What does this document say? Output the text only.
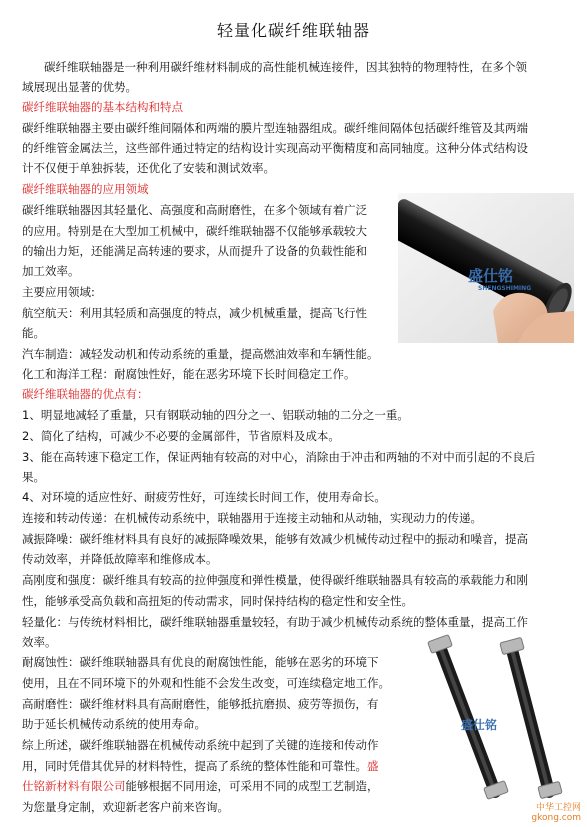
轻量化碳纤维联轴器

碳纤维联轴器是一种利用碳纤维材料制成的高性能机械连接件，因其独特的物理特性，在多个领

域展现出显著的优势。

碳纤维联轴器的基本结构和特点

碳纤维联轴器主要由碳纤维间隔体和两端的膜片型连轴器组成。碳纤维间隔体包括碳纤维管及其两端

的纤维管金属法兰，这些部件通过特定的结构设计实现高动平衡精度和高同轴度。这种分体式结构设

计不仅便于单独拆装，还优化了安装和测试效率。

碳纤维联轴器的应用领域

碳纤维联轴器因其轻量化、高强度和高耐磨性，在多个领域有着广泛

的应用。特别是在大型加工机械中，碳纤维联轴器不仅能够承载较大

的输出力矩，还能满足高转速的要求，从而提升了设备的负载性能和

加工效率。

主要应用领域:

航空航天：利用其轻质和高强度的特点，减少机械重量，提高飞行性

能。

汽车制造：减轻发动机和传动系统的重量，提高燃油效率和车辆性能。

化工和海洋工程：耐腐蚀性好，能在恶劣环境下长时间稳定工作。

碳纤维联轴器的优点有：

1、明显地减轻了重量，只有钢联动轴的四分之一、铝联动轴的二分之一重。

2、简化了结构，可减少不必要的金属部件，节省原料及成本。

3、能在高转速下稳定工作，保证两轴有较高的对中心，消除由于冲击和两轴的不对中而引起的不良后

果。

4、对环境的适应性好、耐疲劳性好，可连续长时间工作，使用寿命长。

连接和转动传递：在机械传动系统中，联轴器用于连接主动轴和从动轴，实现动力的传递。

减振降噪：碳纤维材料具有良好的减振降噪效果，能够有效减少机械传动过程中的振动和噪音，提高

传动效率，并降低故障率和维修成本。

高刚度和强度：碳纤维具有较高的拉伸强度和弹性模量，使得碳纤维联轴器具有较高的承载能力和刚

性，能够承受高负载和高扭矩的传动需求，同时保持结构的稳定性和安全性。

轻量化：与传统材料相比，碳纤维联轴器重量较轻，有助于减少机械传动系统的整体重量，提高工作

效率。

耐腐蚀性：碳纤维联轴器具有优良的耐腐蚀性能，能够在恶劣的环境下

使用，且在不同环境下的外观和性能不会发生改变，可连续稳定地工作。

高耐磨性：碳纤维材料具有高耐磨性，能够抵抗磨损、疲劳等损伤，有

助于延长机械传动系统的使用寿命。

综上所述，碳纤维联轴器在机械传动系统中起到了关键的连接和传动作

用，同时凭借其优异的材料特性，提高了系统的整体性能和可靠性。盛

仕铭新材料有限公司能够根据不同用途，可采用不同的成型工艺制造，

为您量身定制，欢迎新老客户前来咨询。

盛仕铭
SHENGSHIMING
盛仕铭
中华工控网
gkong.com
